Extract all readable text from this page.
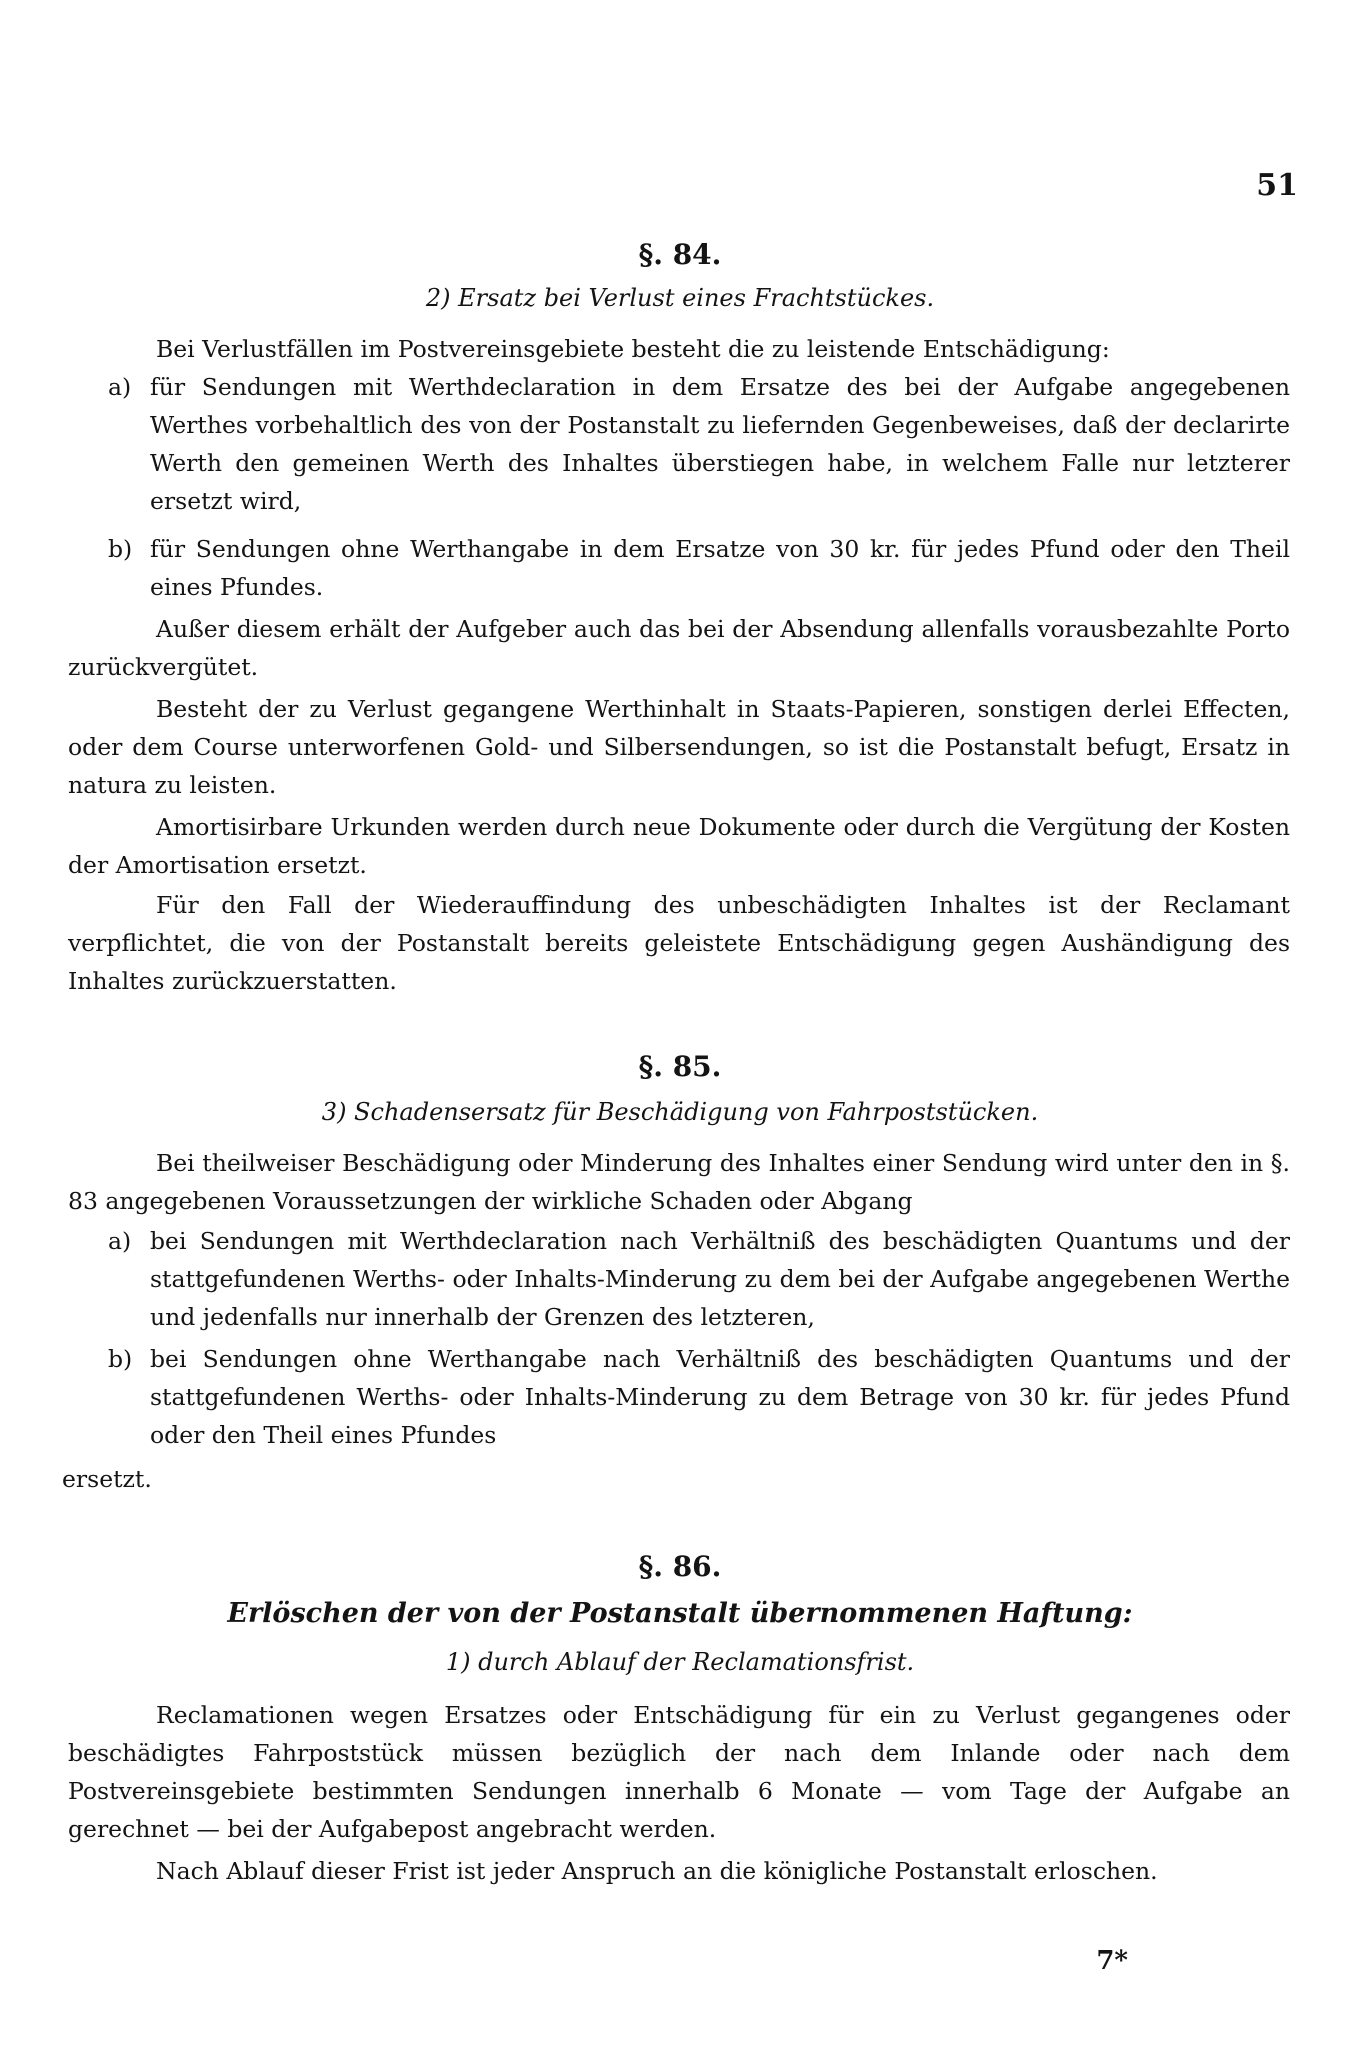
51
§. 84.
2) Ersatz bei Verlust eines Frachtstückes.

Bei Verlustfällen im Postvereinsgebiete besteht die zu leistende Entschädigung:

a) für Sendungen mit Werthdeclaration in dem Ersatze des bei der Aufgabe angegebenen Werthes vorbehaltlich des von der Postanstalt zu liefernden Gegenbeweises, daß der declarirte Werth den gemeinen Werth des Inhaltes überstiegen habe, in welchem Falle nur letzterer ersetzt wird,
b) für Sendungen ohne Werthangabe in dem Ersatze von 30 kr. für jedes Pfund oder den Theil eines Pfundes.

Außer diesem erhält der Aufgeber auch das bei der Absendung allenfalls vorausbezahlte Porto zurückvergütet.

Besteht der zu Verlust gegangene Werthinhalt in Staats-Papieren, sonstigen derlei Effecten, oder dem Course unterworfenen Gold- und Silbersendungen, so ist die Postanstalt befugt, Ersatz in natura zu leisten.

Amortisirbare Urkunden werden durch neue Dokumente oder durch die Vergütung der Kosten der Amortisation ersetzt.

Für den Fall der Wiederauffindung des unbeschädigten Inhaltes ist der Reclamant verpflichtet, die von der Postanstalt bereits geleistete Entschädigung gegen Aushändigung des Inhaltes zurückzuerstatten.

§. 85.
3) Schadensersatz für Beschädigung von Fahrpoststücken.

Bei theilweiser Beschädigung oder Minderung des Inhaltes einer Sendung wird unter den in §. 83 angegebenen Voraussetzungen der wirkliche Schaden oder Abgang

a) bei Sendungen mit Werthdeclaration nach Verhältniß des beschädigten Quantums und der stattgefundenen Werths- oder Inhalts-Minderung zu dem bei der Aufgabe angegebenen Werthe und jedenfalls nur innerhalb der Grenzen des letzteren,
b) bei Sendungen ohne Werthangabe nach Verhältniß des beschädigten Quantums und der stattgefundenen Werths- oder Inhalts-Minderung zu dem Betrage von 30 kr. für jedes Pfund oder den Theil eines Pfundes
ersetzt.
§. 86.
Erlöschen der von der Postanstalt übernommenen Haftung:
1) durch Ablauf der Reclamationsfrist.

Reclamationen wegen Ersatzes oder Entschädigung für ein zu Verlust gegangenes oder beschädigtes Fahrpoststück müssen bezüglich der nach dem Inlande oder nach dem Postvereinsgebiete bestimmten Sendungen innerhalb 6 Monate — vom Tage der Aufgabe an gerechnet — bei der Aufgabepost angebracht werden.

Nach Ablauf dieser Frist ist jeder Anspruch an die königliche Postanstalt erloschen.

7*
